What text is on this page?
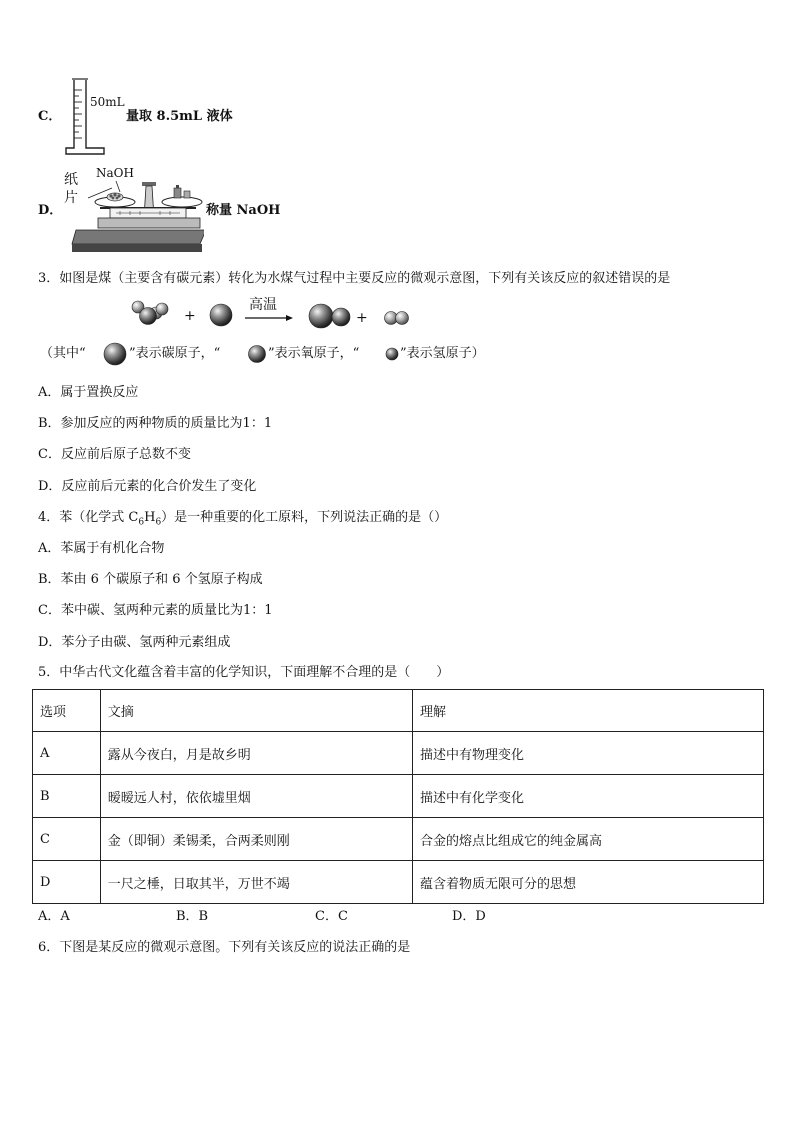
C．
50mL
量取 8.5mL 液体
D．
纸
片
NaOH
称量 NaOH
3．如图是煤（主要含有碳元素）转化为水煤气过程中主要反应的微观示意图，下列有关该反应的叙述错误的是
+
高温
+
（其中“	”表示碳原子，“	”表示氧原子，“	”表示氢原子）
A．属于置换反应
B．参加反应的两种物质的质量比为1：1
C．反应前后原子总数不变
D．反应前后元素的化合价发生了变化
4．苯（化学式 $C_6H_6$）是一种重要的化工原料，下列说法正确的是（）
A．苯属于有机化合物
B．苯由 6 个碳原子和 6 个氢原子构成
C．苯中碳、氢两种元素的质量比为1：1
D．苯分子由碳、氢两种元素组成
5．中华古代文化蕴含着丰富的化学知识，下面理解不合理的是（　　）
选项	文摘	理解
A	露从今夜白，月是故乡明	描述中有物理变化
B	暧暧远人村，依依墟里烟	描述中有化学变化
C	金（即铜）柔锡柔，合两柔则刚	合金的熔点比组成它的纯金属高
D	一尺之棰，日取其半，万世不竭	蕴含着物质无限可分的思想
A．A	B．B	C．C	D．D
6．下图是某反应的微观示意图。下列有关该反应的说法正确的是
